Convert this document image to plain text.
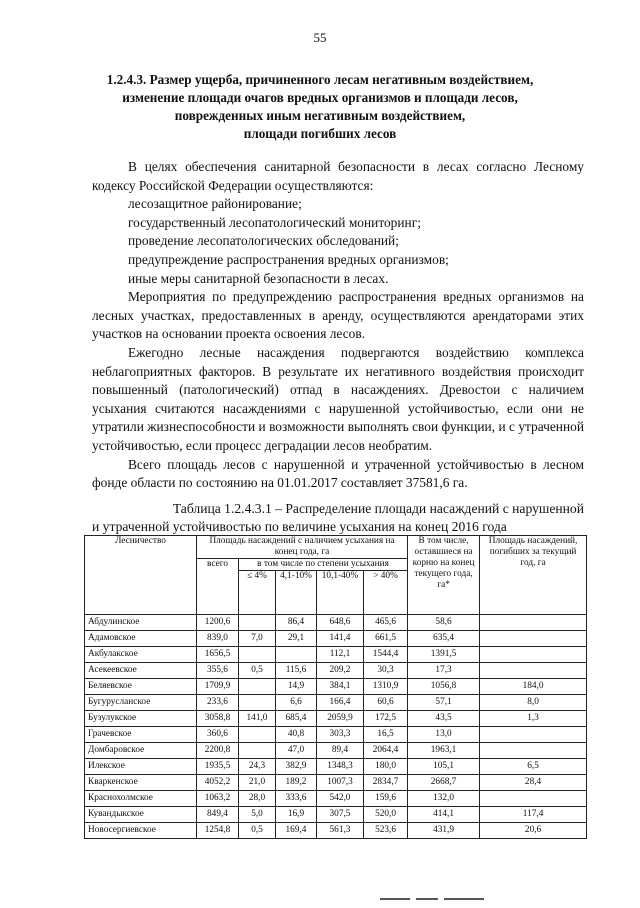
55
1.2.4.3. Размер ущерба, причиненного лесам негативным воздействием,
изменение площади очагов вредных организмов и площади лесов,
поврежденных иным негативным воздействием,
площади погибших лесов

В целях обеспечения санитарной безопасности в лесах согласно Лесному кодексу Российской Федерации осуществляются:

лесозащитное районирование;

государственный лесопатологический мониторинг;

проведение лесопатологических обследований;

предупреждение распространения вредных организмов;

иные меры санитарной безопасности в лесах.

Мероприятия по предупреждению распространения вредных организмов на лесных участках, предоставленных в аренду, осуществляются арендаторами этих участков на основании проекта освоения лесов.

Ежегодно лесные насаждения подвергаются воздействию комплекса неблагоприятных факторов. В результате их негативного воздействия происходит повышенный (патологический) отпад в насаждениях. Древостои с наличием усыхания считаются насаждениями с нарушенной устойчивостью, если они не утратили жизнеспособности и возможности выполнять свои функции, и с утраченной устойчивостью, если процесс деградации лесов необратим.

Всего площадь лесов с нарушенной и утраченной устойчивостью в лесном фонде области по состоянию на 01.01.2017 составляет 37581,6 га.

Таблица 1.2.4.3.1 – Распределение площади насаждений с нарушенной

и утраченной устойчивостью по величине усыхания на конец 2016 года

Лесничество	Площадь насаждений с наличием усыхания на конец года, га					В том числе, оставшиеся на корню на конец текущего года, га*	Площадь насаждений, погибших за текущий год, га
	всего	в том числе по степени усыхания					
		≤ 4%	4,1-10%	10,1-40%	> 40%		
Абдулинское	1200,6		86,4	648,6	465,6	58,6	
Адамовское	839,0	7,0	29,1	141,4	661,5	635,4	
Акбулакское	1656,5			112,1	1544,4	1391,5	
Асекеевское	355,6	0,5	115,6	209,2	30,3	17,3	
Беляевское	1709,9		14,9	384,1	1310,9	1056,8	184,0
Бугурусланское	233,6		6,6	166,4	60,6	57,1	8,0
Бузулукское	3058,8	141,0	685,4	2059,9	172,5	43,5	1,3
Грачевское	360,6		40,8	303,3	16,5	13,0	
Домбаровское	2200,8		47,0	89,4	2064,4	1963,1	
Илекское	1935,5	24,3	382,9	1348,3	180,0	105,1	6,5
Кваркенское	4052,2	21,0	189,2	1007,3	2834,7	2668,7	28,4
Краснохолмское	1063,2	28,0	333,6	542,0	159,6	132,0	
Кувандыкское	849,4	5,0	16,9	307,5	520,0	414,1	117,4
Новосергиевское	1254,8	0,5	169,4	561,3	523,6	431,9	20,6
